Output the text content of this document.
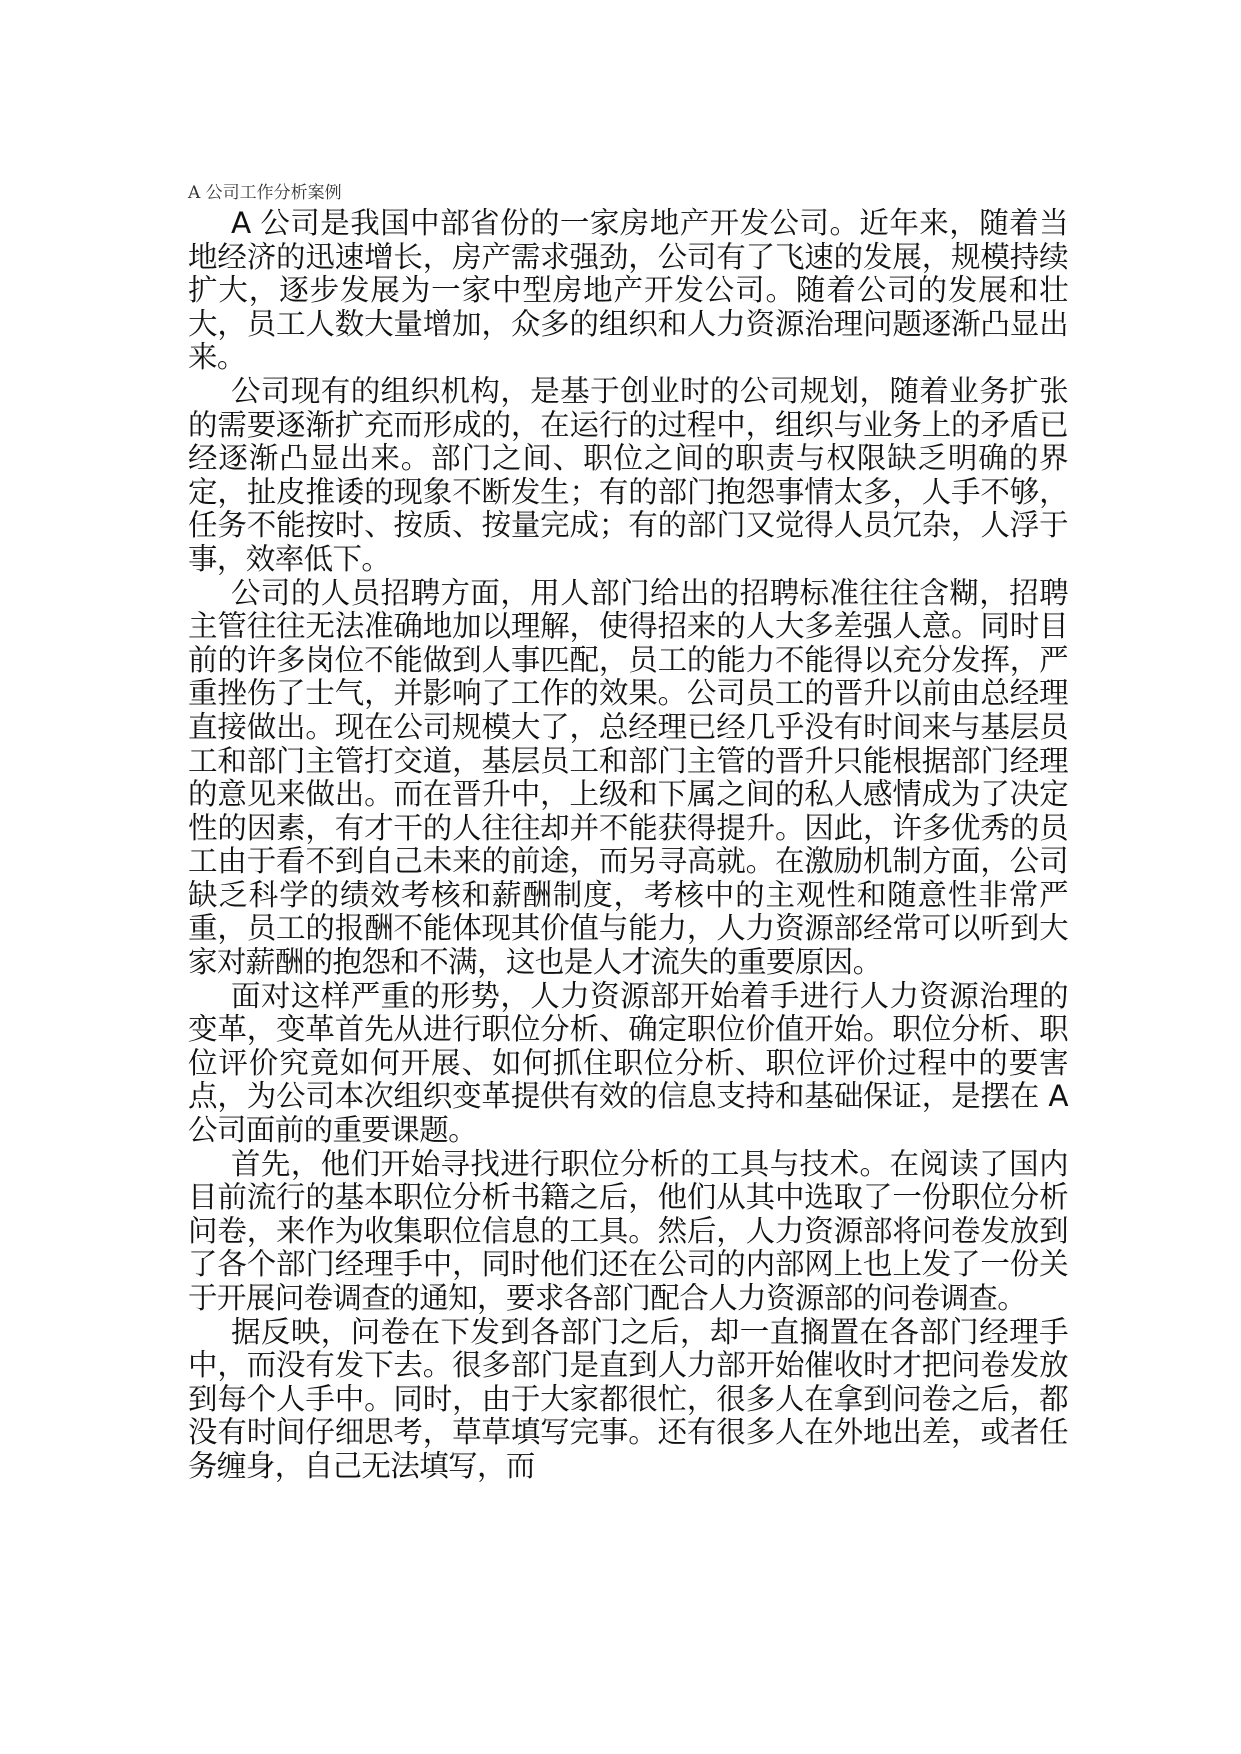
A 公司工作分析案例

A 公司是我国中部省份的一家房地产开发公司。近年来，随着当地经济的迅速增长，房产需求强劲，公司有了飞速的发展，规模持续扩大，逐步发展为一家中型房地产开发公司。随着公司的发展和壮大，员工人数大量增加，众多的组织和人力资源治理问题逐渐凸显出来。

公司现有的组织机构，是基于创业时的公司规划，随着业务扩张的需要逐渐扩充而形成的，在运行的过程中，组织与业务上的矛盾已经逐渐凸显出来。部门之间、职位之间的职责与权限缺乏明确的界定，扯皮推诿的现象不断发生；有的部门抱怨事情太多，人手不够，任务不能按时、按质、按量完成；有的部门又觉得人员冗杂，人浮于事，效率低下。

公司的人员招聘方面，用人部门给出的招聘标准往往含糊，招聘主管往往无法准确地加以理解，使得招来的人大多差强人意。同时目前的许多岗位不能做到人事匹配，员工的能力不能得以充分发挥，严重挫伤了士气，并影响了工作的效果。公司员工的晋升以前由总经理直接做出。现在公司规模大了，总经理已经几乎没有时间来与基层员工和部门主管打交道，基层员工和部门主管的晋升只能根据部门经理的意见来做出。而在晋升中，上级和下属之间的私人感情成为了决定性的因素，有才干的人往往却并不能获得提升。因此，许多优秀的员工由于看不到自己未来的前途，而另寻高就。在激励机制方面，公司缺乏科学的绩效考核和薪酬制度，考核中的主观性和随意性非常严重，员工的报酬不能体现其价值与能力，人力资源部经常可以听到大家对薪酬的抱怨和不满，这也是人才流失的重要原因。

面对这样严重的形势，人力资源部开始着手进行人力资源治理的变革，变革首先从进行职位分析、确定职位价值开始。职位分析、职位评价究竟如何开展、如何抓住职位分析、职位评价过程中的要害点，为公司本次组织变革提供有效的信息支持和基础保证，是摆在 A 公司面前的重要课题。

首先，他们开始寻找进行职位分析的工具与技术。在阅读了国内目前流行的基本职位分析书籍之后，他们从其中选取了一份职位分析问卷，来作为收集职位信息的工具。然后，人力资源部将问卷发放到了各个部门经理手中，同时他们还在公司的内部网上也上发了一份关于开展问卷调查的通知，要求各部门配合人力资源部的问卷调查。

据反映，问卷在下发到各部门之后，却一直搁置在各部门经理手中，而没有发下去。很多部门是直到人力部开始催收时才把问卷发放到每个人手中。同时，由于大家都很忙，很多人在拿到问卷之后，都没有时间仔细思考，草草填写完事。还有很多人在外地出差，或者任务缠身，自己无法填写，而
